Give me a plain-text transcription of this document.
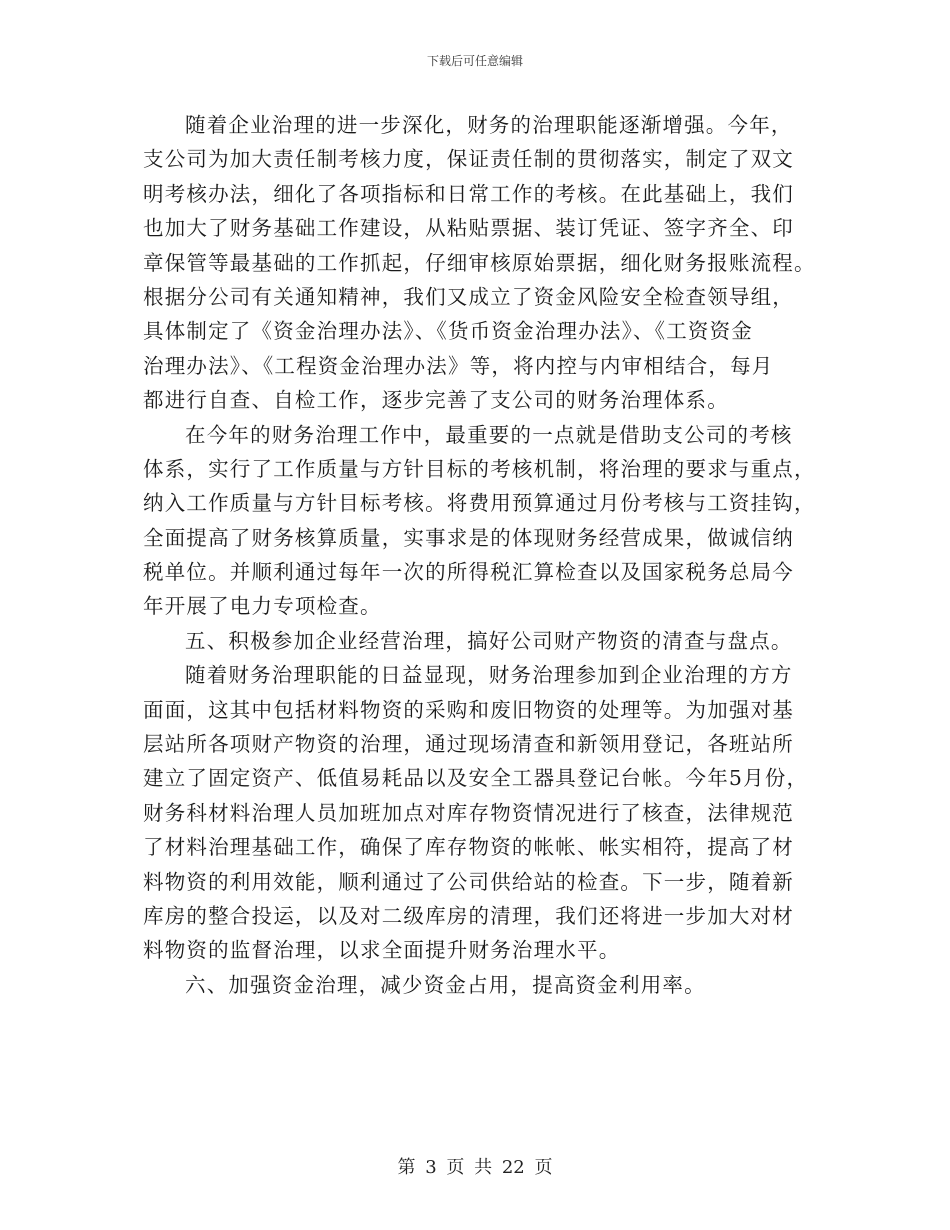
下载后可任意编辑
随着企业治理的进一步深化，财务的治理职能逐渐增强。今年，
支公司为加大责任制考核力度，保证责任制的贯彻落实，制定了双文
明考核办法，细化了各项指标和日常工作的考核。在此基础上，我们
也加大了财务基础工作建设，从粘贴票据、装订凭证、签字齐全、印
章保管等最基础的工作抓起，仔细审核原始票据，细化财务报账流程。
根据分公司有关通知精神，我们又成立了资金风险安全检查领导组，
具体制定了《资金治理办法》、《货币资金治理办法》、《工资资金
治理办法》、《工程资金治理办法》等，将内控与内审相结合，每月
都进行自查、自检工作，逐步完善了支公司的财务治理体系。
在今年的财务治理工作中，最重要的一点就是借助支公司的考核
体系，实行了工作质量与方针目标的考核机制，将治理的要求与重点，
纳入工作质量与方针目标考核。将费用预算通过月份考核与工资挂钩，
全面提高了财务核算质量，实事求是的体现财务经营成果，做诚信纳
税单位。并顺利通过每年一次的所得税汇算检查以及国家税务总局今
年开展了电力专项检查。
五、积极参加企业经营治理，搞好公司财产物资的清查与盘点。
随着财务治理职能的日益显现，财务治理参加到企业治理的方方
面面，这其中包括材料物资的采购和废旧物资的处理等。为加强对基
层站所各项财产物资的治理，通过现场清查和新领用登记，各班站所
建立了固定资产、低值易耗品以及安全工器具登记台帐。今年5月份，
财务科材料治理人员加班加点对库存物资情况进行了核查，法律规范
了材料治理基础工作，确保了库存物资的帐帐、帐实相符，提高了材
料物资的利用效能，顺利通过了公司供给站的检查。下一步，随着新
库房的整合投运，以及对二级库房的清理，我们还将进一步加大对材
料物资的监督治理，以求全面提升财务治理水平。
六、加强资金治理，减少资金占用，提高资金利用率。
第 3 页 共 22 页
